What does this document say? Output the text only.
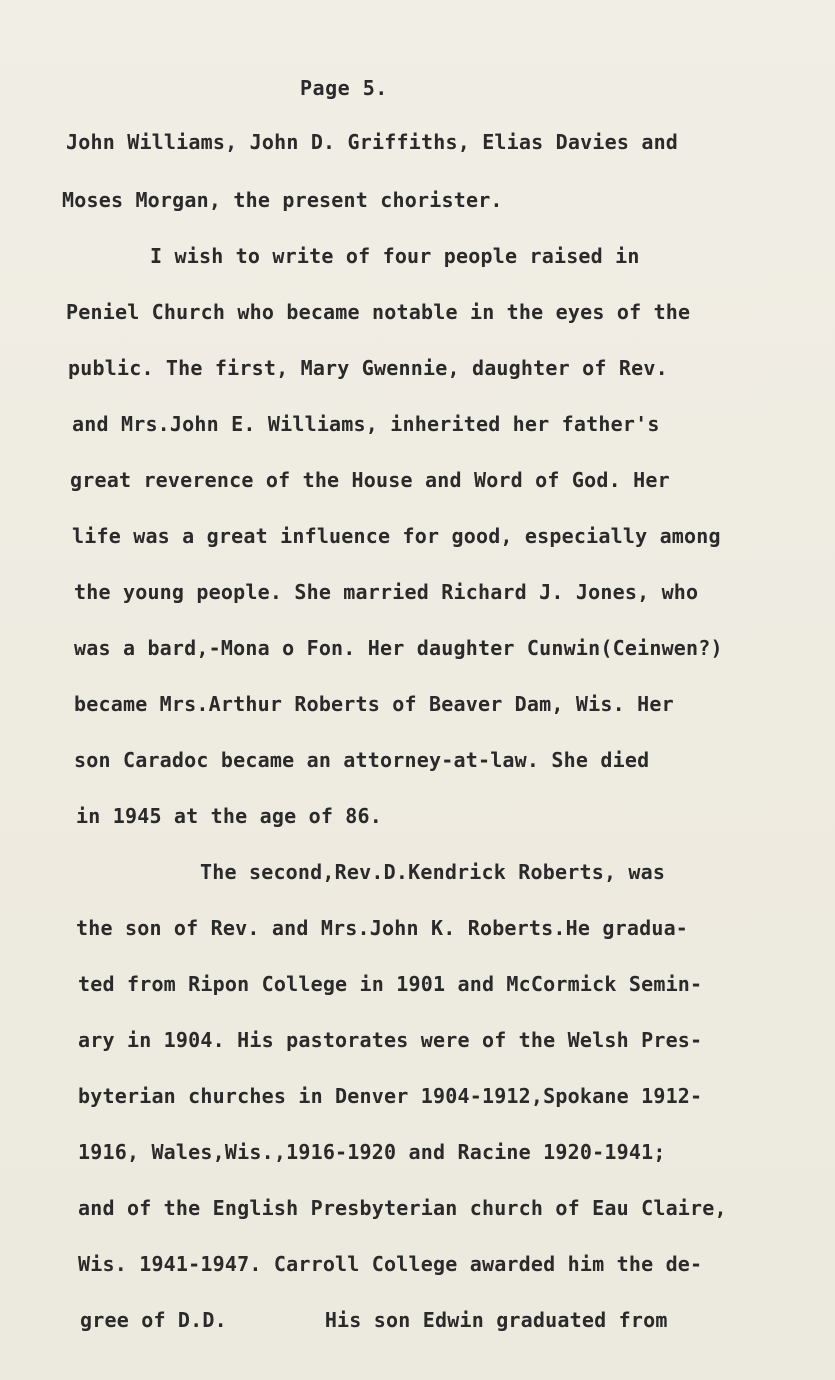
Page 5.
John Williams, John D. Griffiths, Elias Davies and
Moses Morgan, the present chorister.
I wish to write of four people raised in
Peniel Church who became notable in the eyes of the
public. The first, Mary Gwennie, daughter of Rev.
and Mrs.John E. Williams, inherited her father's
great reverence of the House and Word of God. Her
life was a great influence for good, especially among
the young people. She married Richard J. Jones, who
was a bard,-Mona o Fon. Her daughter Cunwin(Ceinwen?)
became Mrs.Arthur Roberts of Beaver Dam, Wis. Her
son Caradoc became an attorney-at-law. She died
in 1945 at the age of 86.
The second,Rev.D.Kendrick Roberts, was
the son of Rev. and Mrs.John K. Roberts.He gradua-
ted from Ripon College in 1901 and McCormick Semin-
ary in 1904. His pastorates were of the Welsh Pres-
byterian churches in Denver 1904-1912,Spokane 1912-
1916, Wales,Wis.,1916-1920 and Racine 1920-1941;
and of the English Presbyterian church of Eau Claire,
Wis. 1941-1947. Carroll College awarded him the de-
gree of D.D.        His son Edwin graduated from
